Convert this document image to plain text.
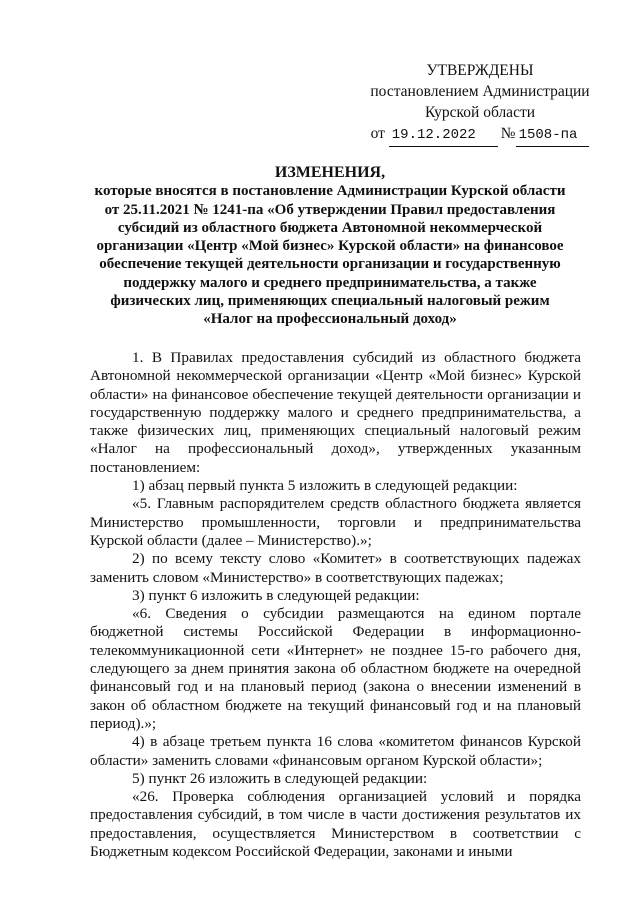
УТВЕРЖДЕНЫ
постановлением Администрации
Курской области
от
19.12.2022	№ 1508-па
ИЗМЕНЕНИЯ,
которые вносятся в постановление Администрации Курской области
от 25.11.2021 № 1241-па «Об утверждении Правил предоставления
субсидий из областного бюджета Автономной некоммерческой
организации «Центр «Мой бизнес» Курской области» на финансовое
обеспечение текущей деятельности организации и государственную
поддержку малого и среднего предпринимательства, а также
физических лиц, применяющих специальный налоговый режим
«Налог на профессиональный доход»

1. В Правилах предоставления субсидий из областного бюджета Автономной некоммерческой организации «Центр «Мой бизнес» Курской области» на финансовое обеспечение текущей деятельности организации и государственную поддержку малого и среднего предпринимательства, а также физических лиц, применяющих специальный налоговый режим «Налог на профессиональный доход», утвержденных указанным постановлением:

1) абзац первый пункта 5 изложить в следующей редакции:

«5. Главным распорядителем средств областного бюджета является Министерство промышленности, торговли и предпринимательства Курской области (далее – Министерство).»;

2) по всему тексту слово «Комитет» в соответствующих падежах заменить словом «Министерство» в соответствующих падежах;

3) пункт 6 изложить в следующей редакции:

«6. Сведения о субсидии размещаются на едином портале бюджетной системы Российской Федерации в информационно-телекоммуникационной сети «Интернет» не позднее 15-го рабочего дня, следующего за днем принятия закона об областном бюджете на очередной финансовый год и на плановый период (закона о внесении изменений в закон об областном бюджете на текущий финансовый год и на плановый период).»;

4) в абзаце третьем пункта 16 слова «комитетом финансов Курской области» заменить словами «финансовым органом Курской области»;

5) пункт 26 изложить в следующей редакции:

«26. Проверка соблюдения организацией условий и порядка предоставления субсидий, в том числе в части достижения результатов их предоставления, осуществляется Министерством в соответствии с Бюджетным кодексом Российской Федерации, законами и иными
